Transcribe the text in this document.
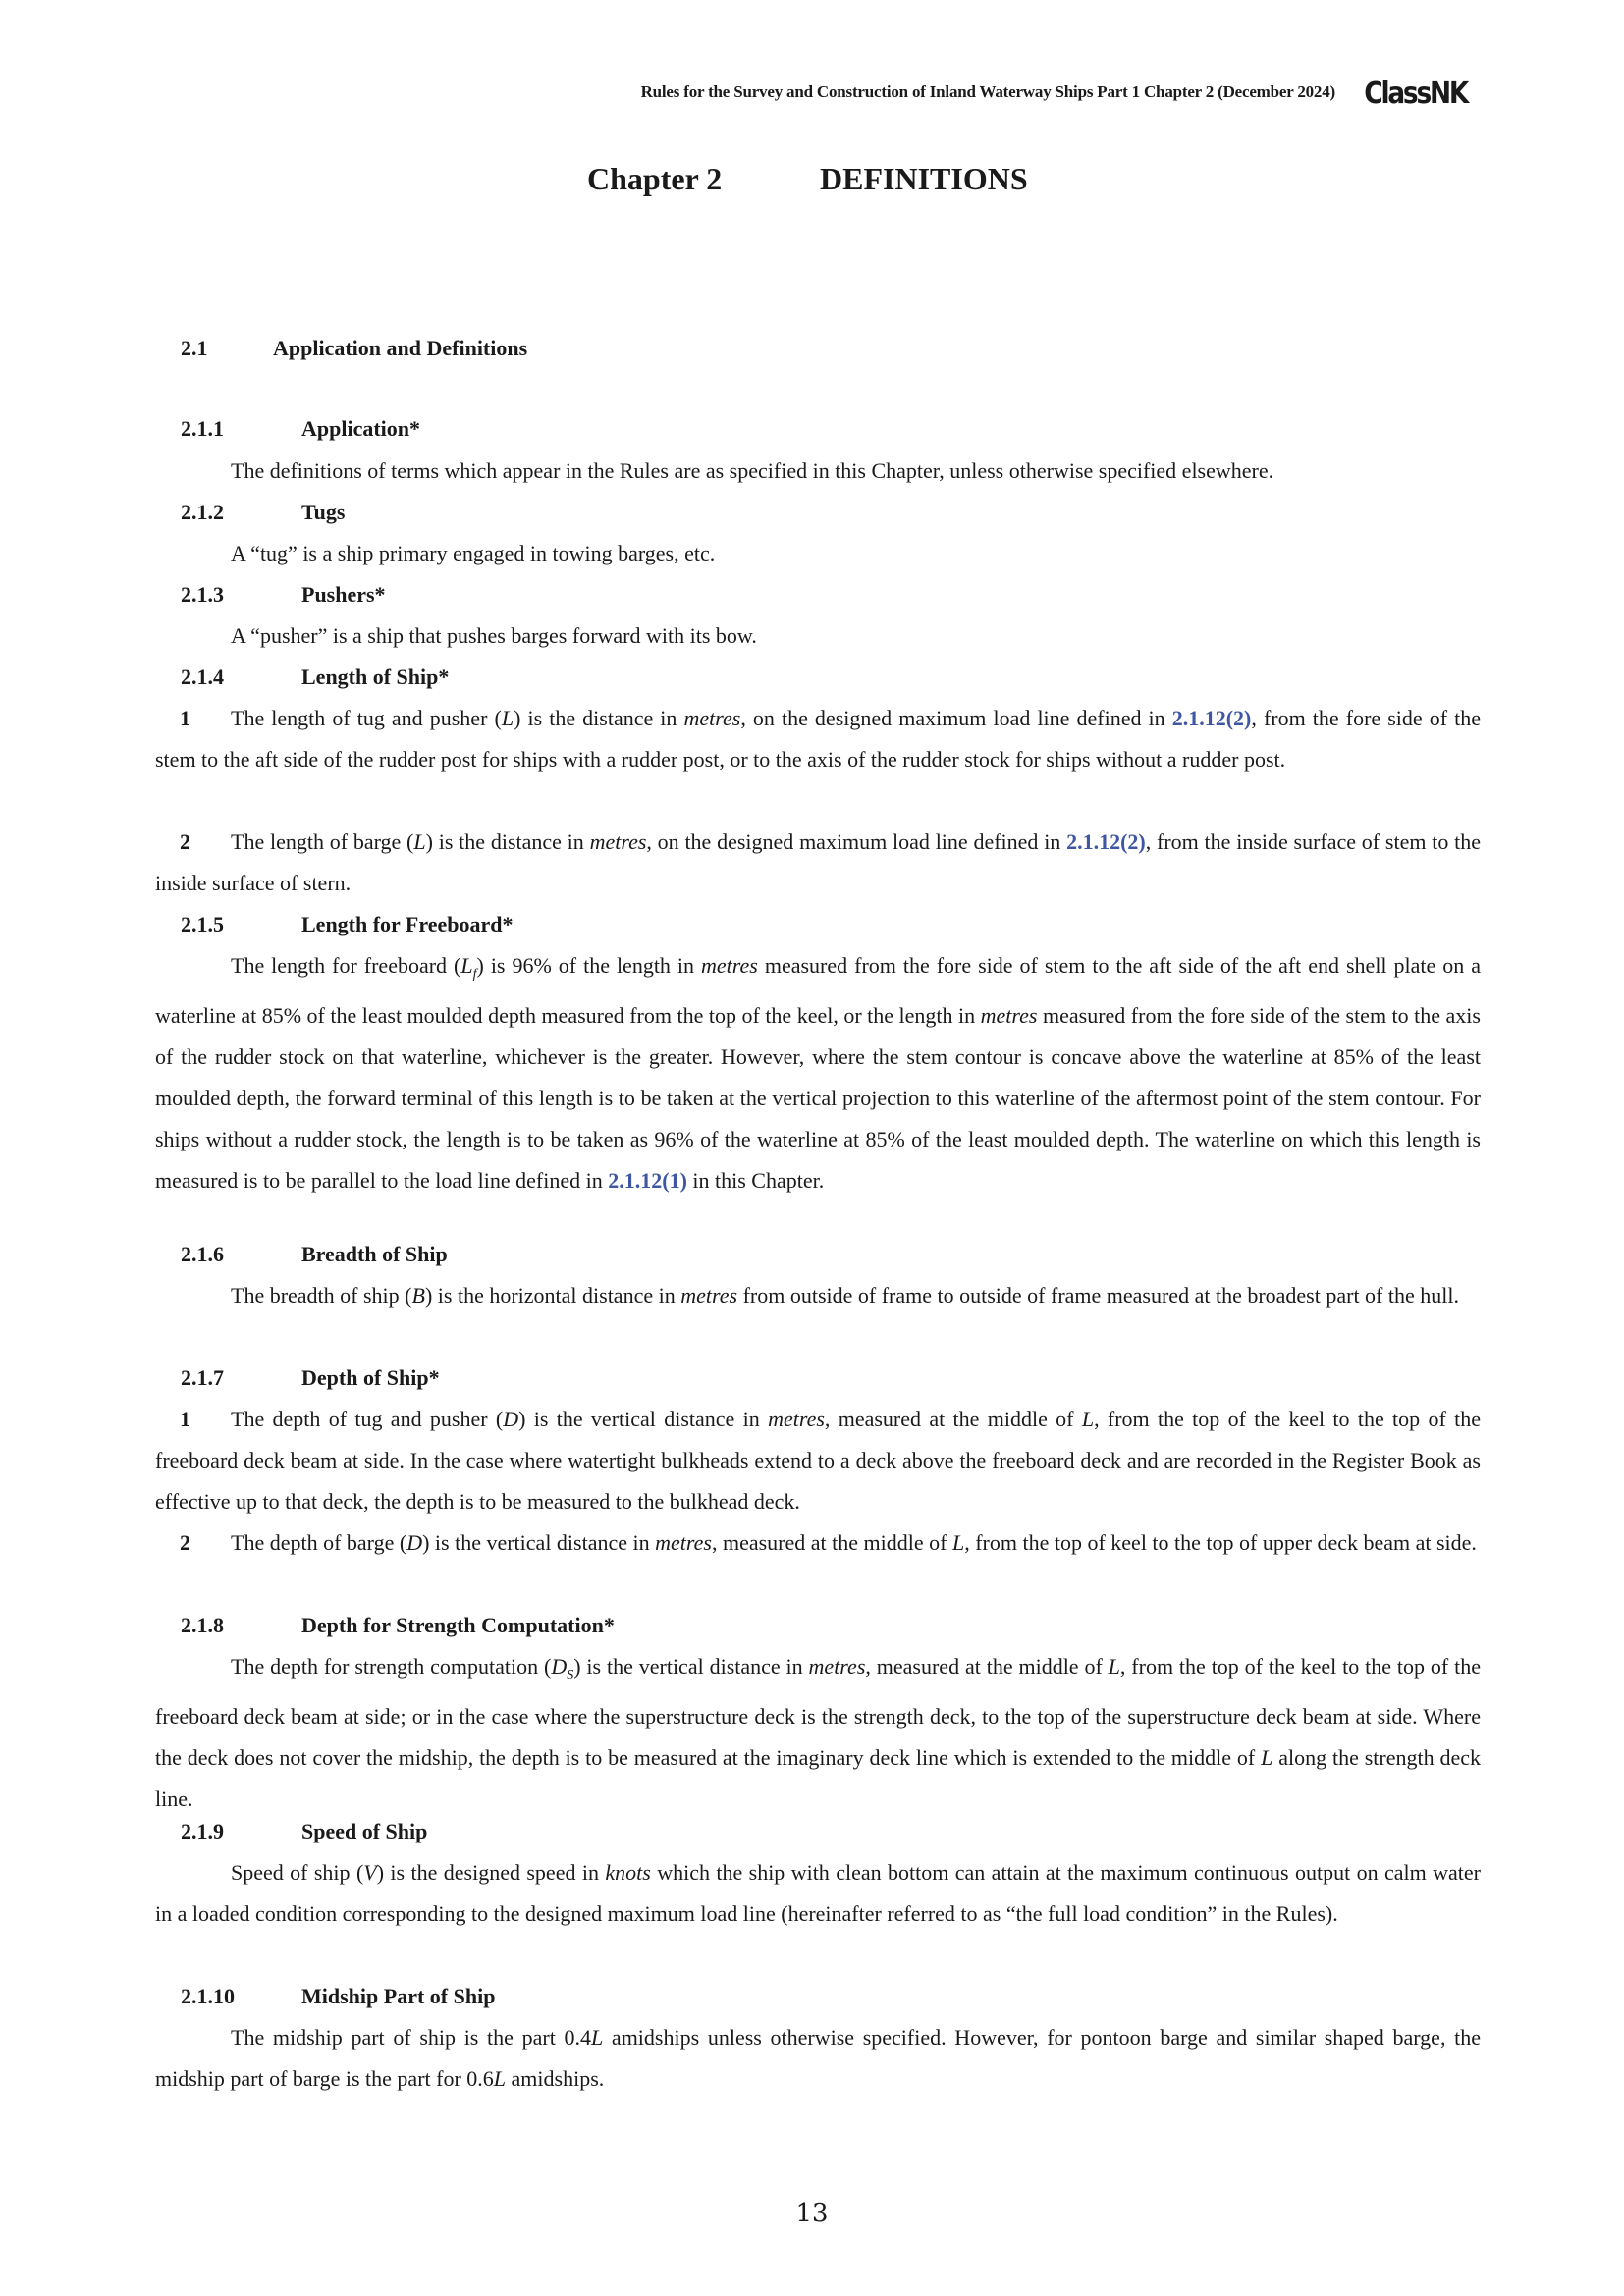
Rules for the Survey and Construction of Inland Waterway Ships Part 1 Chapter 2 (December 2024) ClassNK
Chapter 2	DEFINITIONS
2.1	Application and Definitions
2.1.1	Application*
The definitions of terms which appear in the Rules are as specified in this Chapter, unless otherwise specified elsewhere.
2.1.2	Tugs
A “tug” is a ship primary engaged in towing barges, etc.
2.1.3	Pushers*
A “pusher” is a ship that pushes barges forward with its bow.
2.1.4	Length of Ship*
1 The length of tug and pusher (L) is the distance in metres, on the designed maximum load line defined in 2.1.12(2), from the fore side of the stem to the aft side of the rudder post for ships with a rudder post, or to the axis of the rudder stock for ships without a rudder post.
2 The length of barge (L) is the distance in metres, on the designed maximum load line defined in 2.1.12(2), from the inside surface of stem to the inside surface of stern.
2.1.5	Length for Freeboard*
The length for freeboard $(L_f)$ is 96% of the length in metres measured from the fore side of stem to the aft side of the aft end shell plate on a waterline at 85% of the least moulded depth measured from the top of the keel, or the length in metres measured from the fore side of the stem to the axis of the rudder stock on that waterline, whichever is the greater. However, where the stem contour is concave above the waterline at 85% of the least moulded depth, the forward terminal of this length is to be taken at the vertical projection to this waterline of the aftermost point of the stem contour. For ships without a rudder stock, the length is to be taken as 96% of the waterline at 85% of the least moulded depth. The waterline on which this length is measured is to be parallel to the load line defined in 2.1.12(1) in this Chapter.
2.1.6	Breadth of Ship
The breadth of ship (B) is the horizontal distance in metres from outside of frame to outside of frame measured at the broadest part of the hull.
2.1.7	Depth of Ship*
1 The depth of tug and pusher (D) is the vertical distance in metres, measured at the middle of L, from the top of the keel to the top of the freeboard deck beam at side. In the case where watertight bulkheads extend to a deck above the freeboard deck and are recorded in the Register Book as effective up to that deck, the depth is to be measured to the bulkhead deck.
2 The depth of barge (D) is the vertical distance in metres, measured at the middle of L, from the top of keel to the top of upper deck beam at side.
2.1.8	Depth for Strength Computation*
The depth for strength computation $(D_S)$ is the vertical distance in metres, measured at the middle of L, from the top of the keel to the top of the freeboard deck beam at side; or in the case where the superstructure deck is the strength deck, to the top of the superstructure deck beam at side. Where the deck does not cover the midship, the depth is to be measured at the imaginary deck line which is extended to the middle of L along the strength deck line.
2.1.9	Speed of Ship
Speed of ship (V) is the designed speed in knots which the ship with clean bottom can attain at the maximum continuous output on calm water in a loaded condition corresponding to the designed maximum load line (hereinafter referred to as “the full load condition” in the Rules).
2.1.10	Midship Part of Ship
The midship part of ship is the part 0.4L amidships unless otherwise specified. However, for pontoon barge and similar shaped barge, the midship part of barge is the part for 0.6L amidships.
13
